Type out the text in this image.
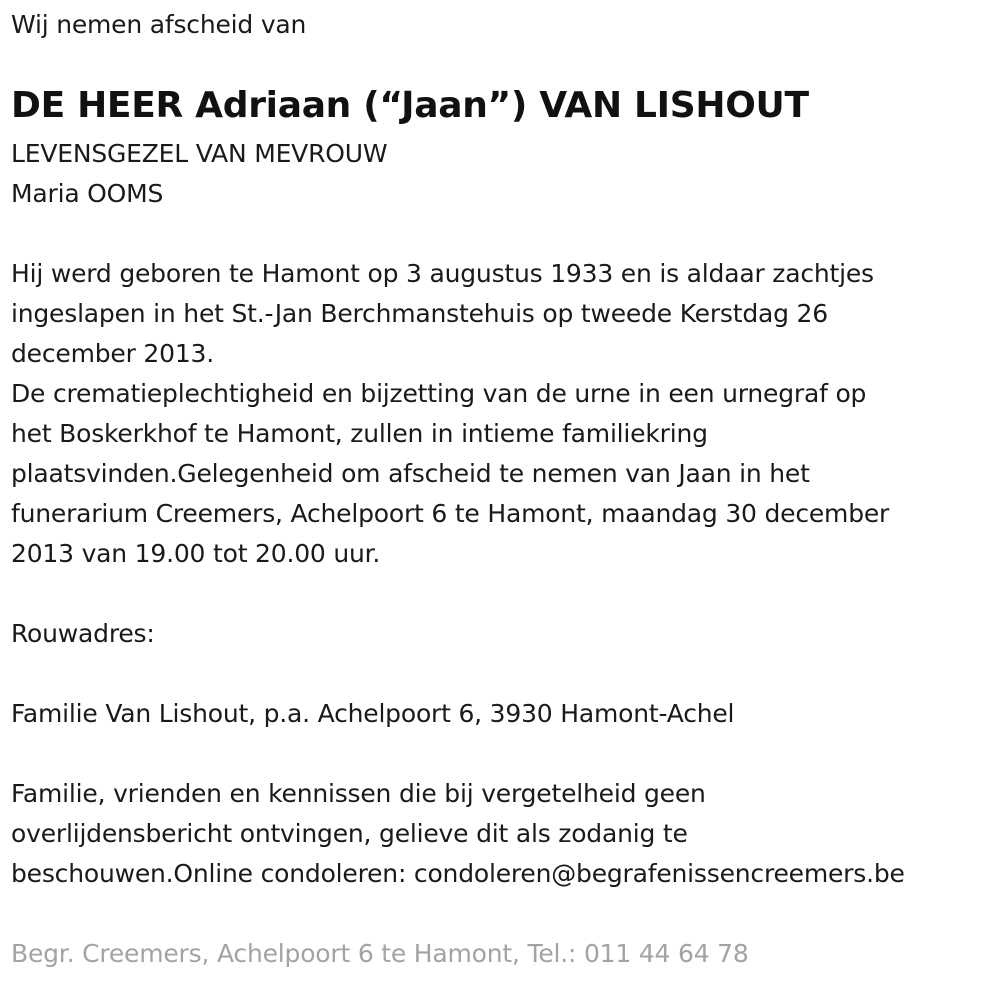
Wij nemen afscheid van
DE HEER Adriaan (“Jaan”) VAN LISHOUT
LEVENSGEZEL VAN MEVROUW
Maria OOMS
Hij werd geboren te Hamont op 3 augustus 1933 en is aldaar zachtjes
ingeslapen in het St.-Jan Berchmanstehuis op tweede Kerstdag 26
december 2013.
De crematieplechtigheid en bijzetting van de urne in een urnegraf op
het Boskerkhof te Hamont, zullen in intieme familiekring
plaatsvinden.Gelegenheid om afscheid te nemen van Jaan in het
funerarium Creemers, Achelpoort 6 te Hamont, maandag 30 december
2013 van 19.00 tot 20.00 uur.
Rouwadres:
Familie Van Lishout, p.a. Achelpoort 6, 3930 Hamont-Achel
Familie, vrienden en kennissen die bij vergetelheid geen
overlijdensbericht ontvingen, gelieve dit als zodanig te
beschouwen.Online condoleren: condoleren@begrafenissencreemers.be
Begr. Creemers, Achelpoort 6 te Hamont, Tel.: 011 44 64 78
